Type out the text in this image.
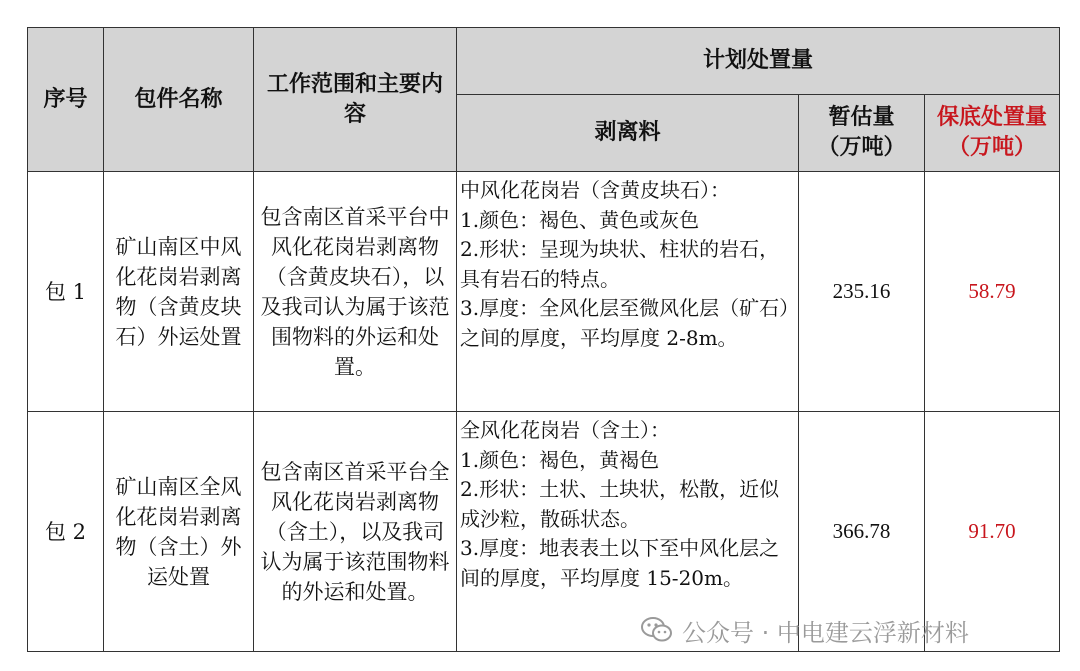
序号	包件名称	工作范围和主要内容	计划处置量		
			剥离料	暂估量（万吨）	保底处置量（万吨）
包 1	矿山南区中风化花岗岩剥离物（含黄皮块石）外运处置	包含南区首采平台中风化花岗岩剥离物（含黄皮块石），以及我司认为属于该范围物料的外运和处置。	中风化花岗岩（含黄皮块石）：
1.颜色：褐色、黄色或灰色
2.形状：呈现为块状、柱状的岩石，具有岩石的特点。
3.厚度：全风化层至微风化层（矿石）之间的厚度，平均厚度 2-8m。	235.16	58.79
包 2	矿山南区全风化花岗岩剥离物（含土）外运处置	包含南区首采平台全风化花岗岩剥离物（含土），以及我司认为属于该范围物料的外运和处置。	全风化花岗岩（含土）：
1.颜色：褐色，黄褐色
2.形状：土状、土块状，松散，近似成沙粒，散砾状态。
3.厚度：地表表土以下至中风化层之间的厚度，平均厚度 15-20m。	366.78	91.70
公众号 · 中电建云浮新材料
